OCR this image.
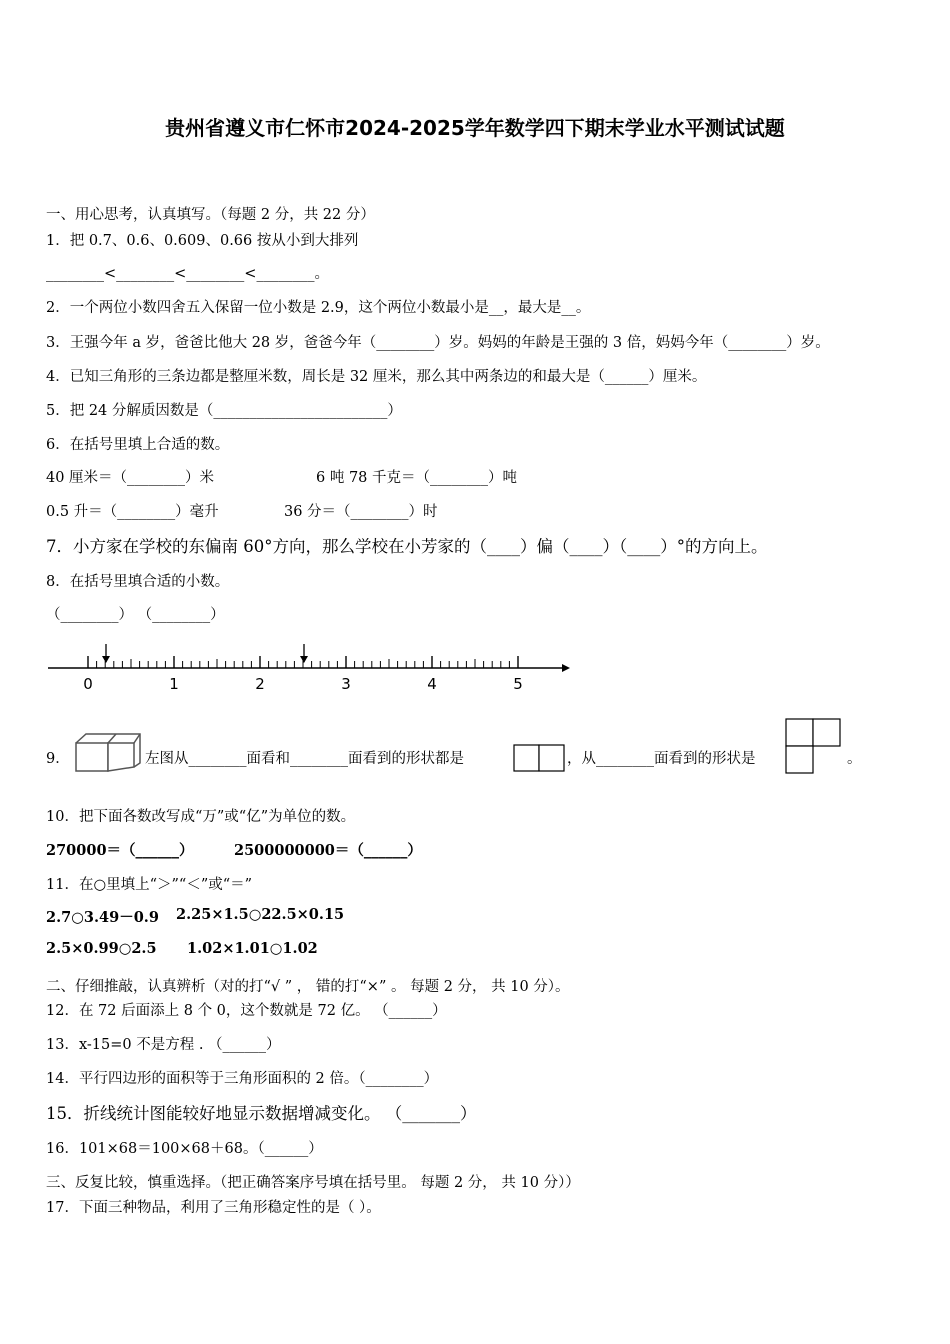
贵州省遵义市仁怀市2024-2025学年数学四下期末学业水平测试试题
一、用心思考，认真填写。（每题 2 分，共 22 分）
1．把 0.7、0.6、0.609、0.66 按从小到大排列
________<________<________<________。
2．一个两位小数四舍五入保留一位小数是 2.9，这个两位小数最小是__，最大是__。
3．王强今年 a 岁，爸爸比他大 28 岁，爸爸今年（________）岁。妈妈的年龄是王强的 3 倍，妈妈今年（________）岁。
4．已知三角形的三条边都是整厘米数，周长是 32 厘米，那么其中两条边的和最大是（______）厘米。
5．把 24 分解质因数是（________________________）
6．在括号里填上合适的数。
40 厘米＝（________）米	6 吨 78 千克＝（________）吨
0.5 升＝（________）毫升	36 分＝（________）时
7．小方家在学校的东偏南 60°方向，那么学校在小芳家的（____）偏（____）（____）°的方向上。
8．在括号里填合适的小数。
（________） （________）
0	1	2	3	4	5
9．	左图从________面看和________面看到的形状都是	，从________面看到的形状是	。
10．把下面各数改写成“万”或“亿”为单位的数。
270000＝（______）	2500000000＝（______）
11．在○里填上“＞”“＜”或“＝”
2.7○3.49－0.9 2.25×1.5○22.5×0.15
2.5×0.99○2.5 1.02×1.01○1.02
二、仔细推敲，认真辨析（对的打“√ ” ， 错的打“×” 。 每题 2 分， 共 10 分）。
12．在 72 后面添上 8 个 0，这个数就是 72 亿。 （______）
13．x-15=0 不是方程 . （______）
14．平行四边形的面积等于三角形面积的 2 倍。（________）
15．折线统计图能较好地显示数据增减变化。 （_______）
16．101×68＝100×68＋68。（______）
三、反复比较，慎重选择。（把正确答案序号填在括号里。 每题 2 分， 共 10 分））
17．下面三种物品，利用了三角形稳定性的是（ ）。
